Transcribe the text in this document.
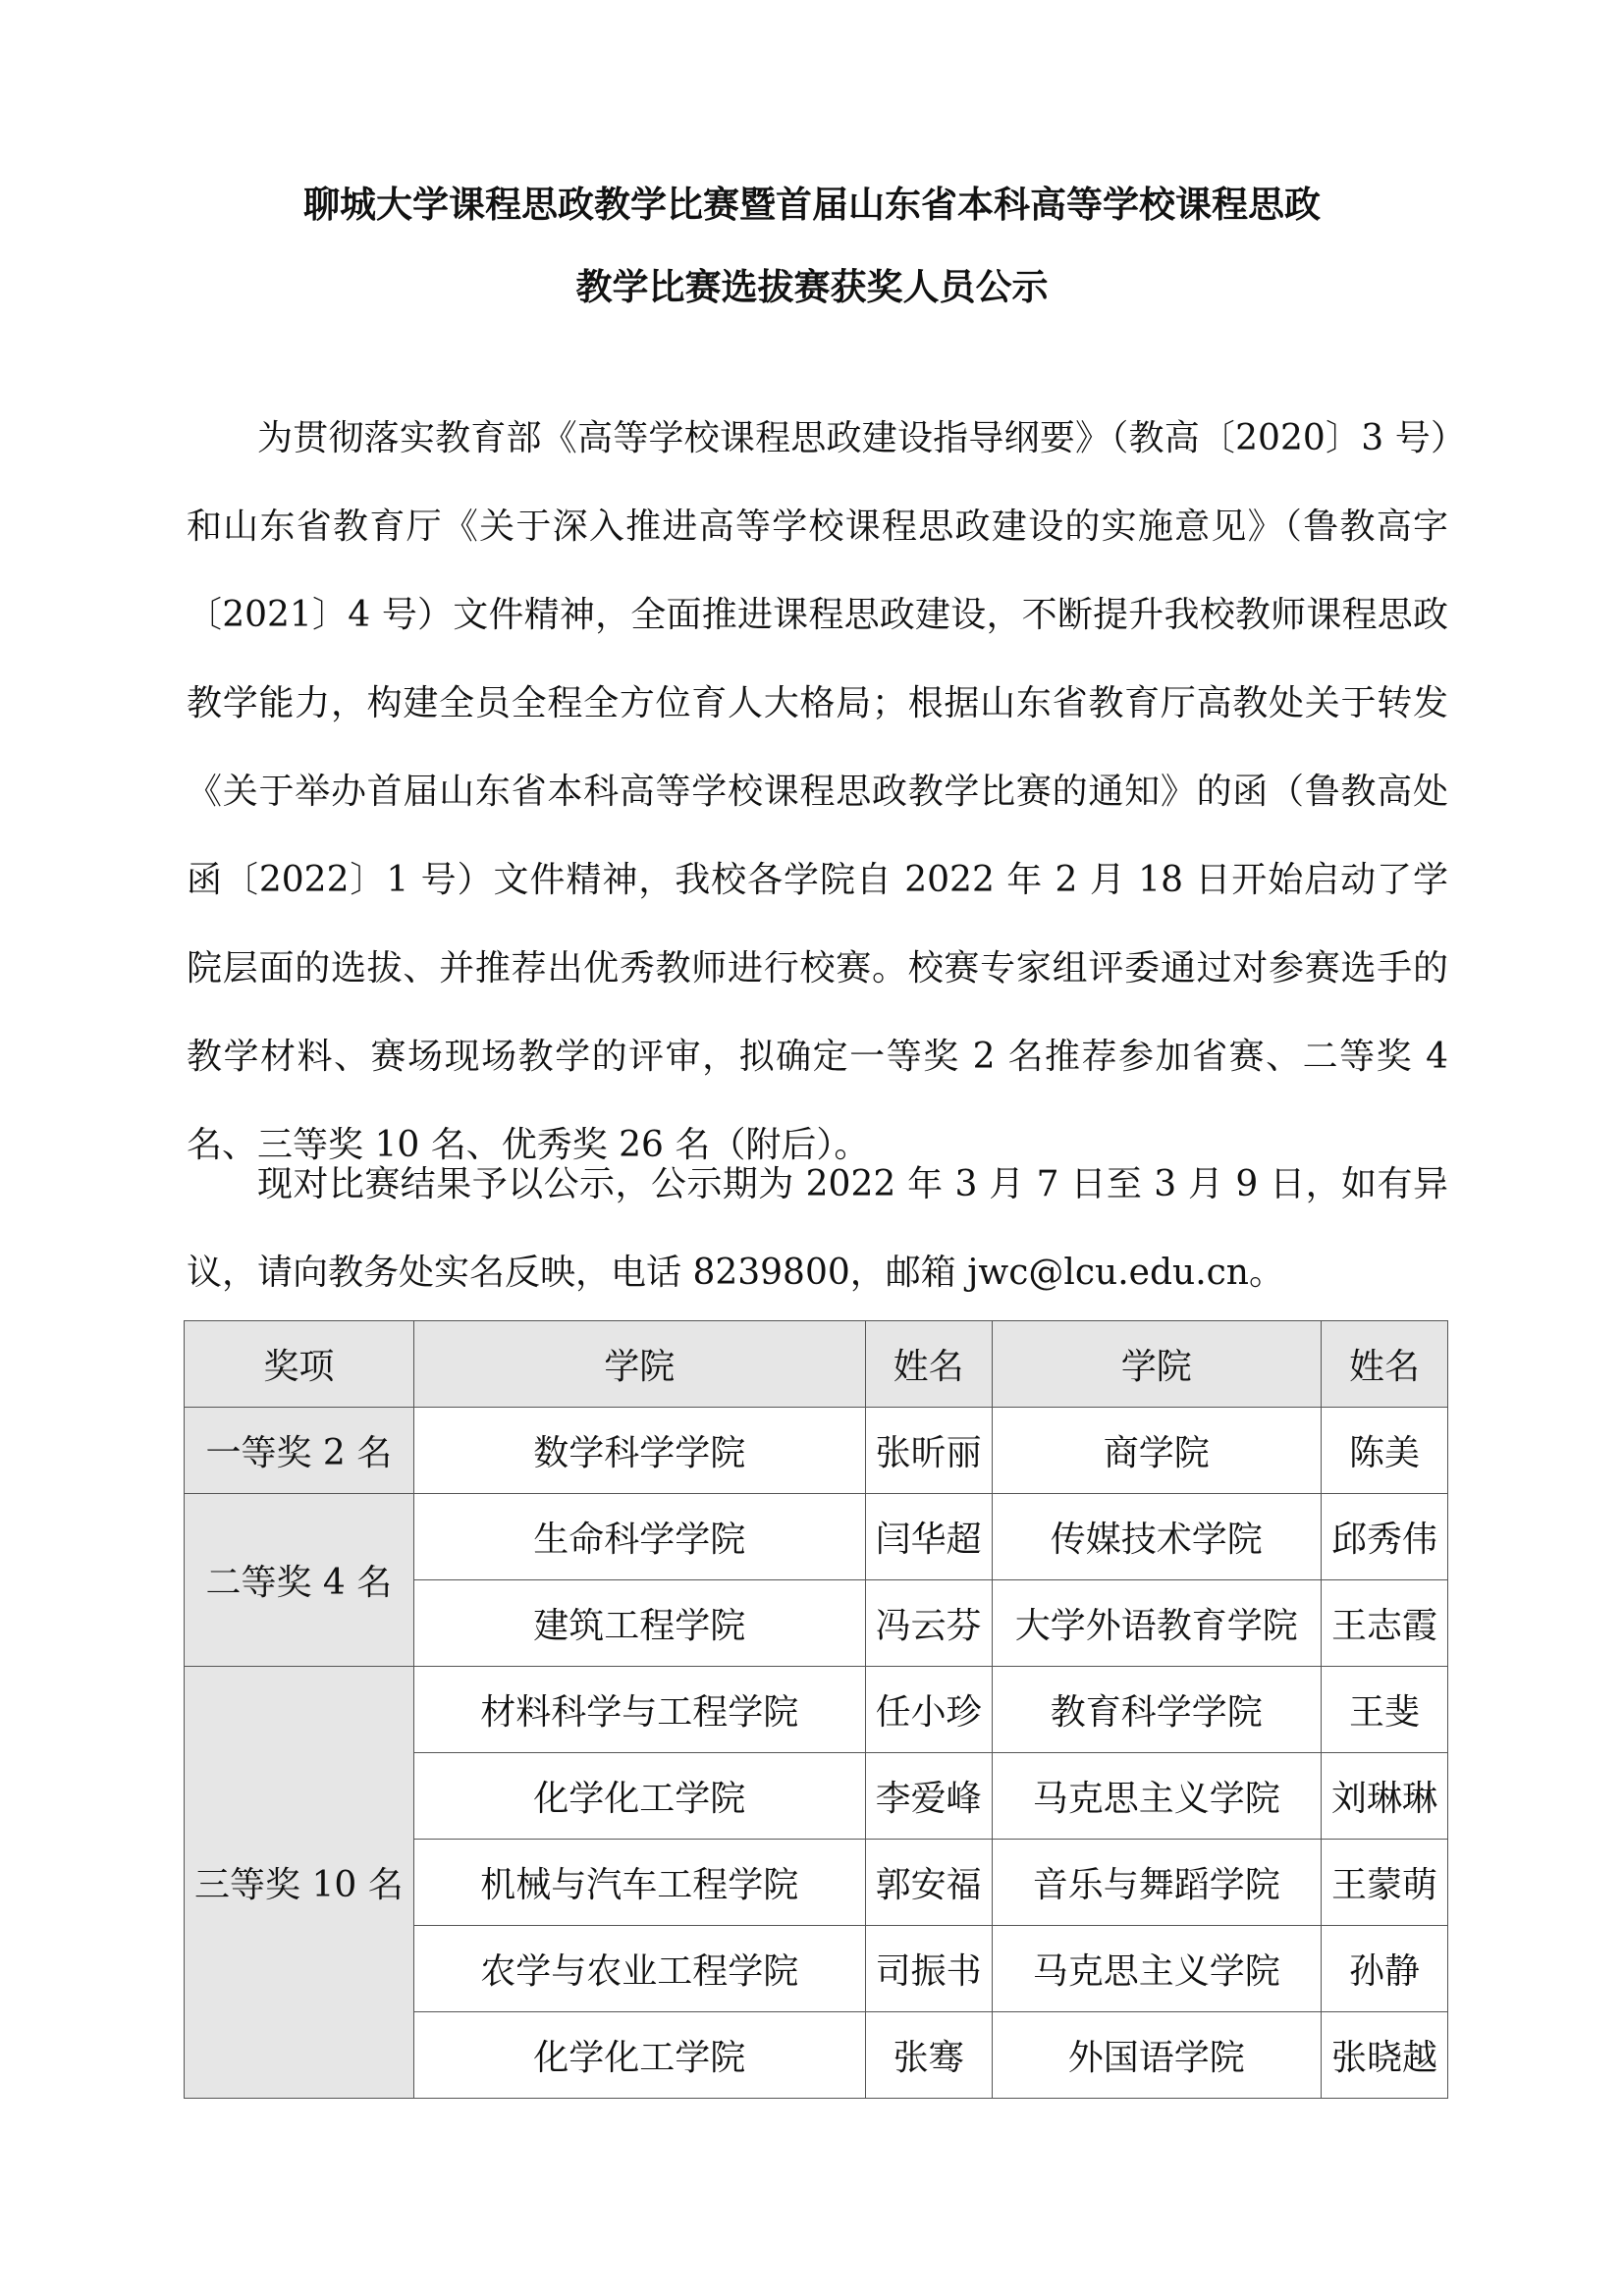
聊城大学课程思政教学比赛暨首届山东省本科高等学校课程思政
教学比赛选拔赛获奖人员公示

为贯彻落实教育部《高等学校课程思政建设指导纲要》（教高〔2020〕3 号）和山东省教育厅《关于深入推进高等学校课程思政建设的实施意见》（鲁教高字〔2021〕4 号）文件精神，全面推进课程思政建设，不断提升我校教师课程思政教学能力，构建全员全程全方位育人大格局；根据山东省教育厅高教处关于转发《关于举办首届山东省本科高等学校课程思政教学比赛的通知》的函（鲁教高处函〔2022〕1 号）文件精神，我校各学院自 2022 年 2 月 18 日开始启动了学院层面的选拔、并推荐出优秀教师进行校赛。校赛专家组评委通过对参赛选手的教学材料、赛场现场教学的评审，拟确定一等奖 2 名推荐参加省赛、二等奖 4 名、三等奖 10 名、优秀奖 26 名（附后）。

现对比赛结果予以公示，公示期为 2022 年 3 月 7 日至 3 月 9 日，如有异议，请向教务处实名反映，电话 8239800，邮箱 jwc@lcu.edu.cn。

奖项	学院	姓名	学院	姓名
一等奖 2 名	数学科学学院	张昕丽	商学院	陈美
二等奖 4 名	生命科学学院	闫华超	传媒技术学院	邱秀伟
	建筑工程学院	冯云芬	大学外语教育学院	王志霞
三等奖 10 名	材料科学与工程学院	任小珍	教育科学学院	王斐
	化学化工学院	李爱峰	马克思主义学院	刘琳琳
	机械与汽车工程学院	郭安福	音乐与舞蹈学院	王蒙萌
	农学与农业工程学院	司振书	马克思主义学院	孙静
	化学化工学院	张骞	外国语学院	张晓越
